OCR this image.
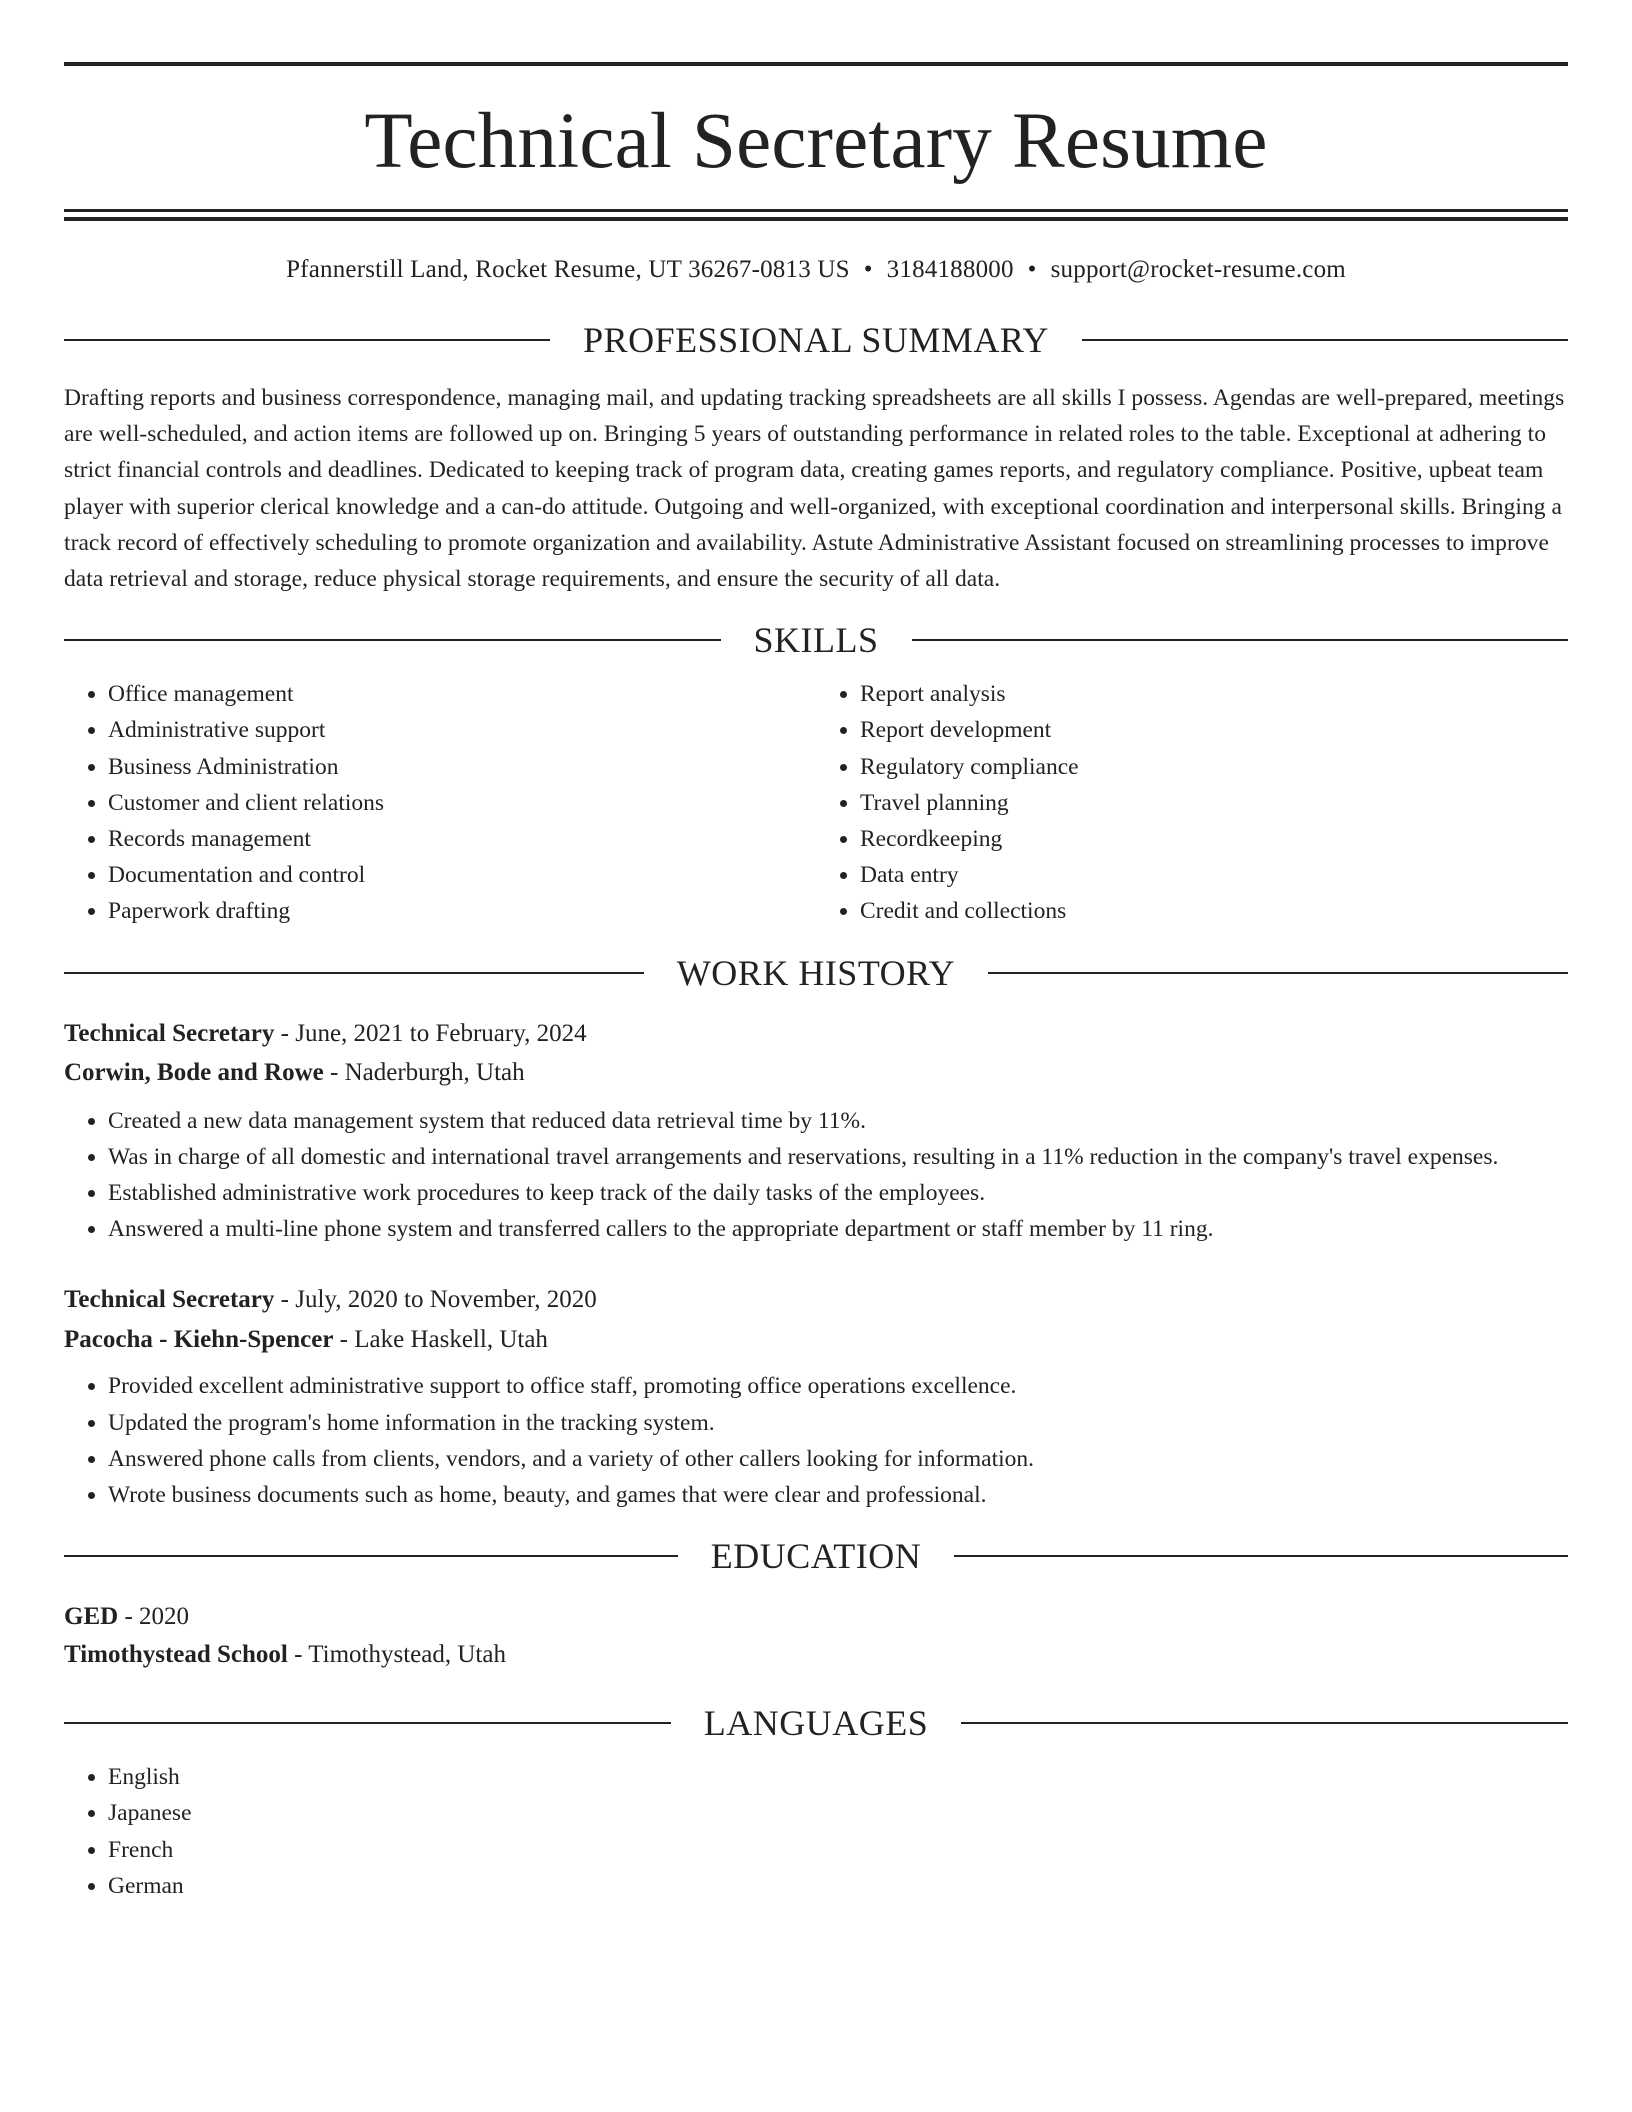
Technical Secretary Resume
Pfannerstill Land, Rocket Resume, UT 36267-0813 US • 3184188000 • support@rocket-resume.com
PROFESSIONAL SUMMARY

Drafting reports and business correspondence, managing mail, and updating tracking spreadsheets are all skills I possess. Agendas are well-prepared, meetings are well-scheduled, and action items are followed up on. Bringing 5 years of outstanding performance in related roles to the table. Exceptional at adhering to strict financial controls and deadlines. Dedicated to keeping track of program data, creating games reports, and regulatory compliance. Positive, upbeat team player with superior clerical knowledge and a can-do attitude. Outgoing and well-organized, with exceptional coordination and interpersonal skills. Bringing a track record of effectively scheduling to promote organization and availability. Astute Administrative Assistant focused on streamlining processes to improve data retrieval and storage, reduce physical storage requirements, and ensure the security of all data.

SKILLS
• Office management
• Administrative support
• Business Administration
• Customer and client relations
• Records management
• Documentation and control
• Paperwork drafting
• Report analysis
• Report development
• Regulatory compliance
• Travel planning
• Recordkeeping
• Data entry
• Credit and collections
WORK HISTORY

Technical Secretary - June, 2021 to February, 2024

Corwin, Bode and Rowe - Naderburgh, Utah

• Created a new data management system that reduced data retrieval time by 11%.
• Was in charge of all domestic and international travel arrangements and reservations, resulting in a 11% reduction in the company's travel expenses.
• Established administrative work procedures to keep track of the daily tasks of the employees.
• Answered a multi-line phone system and transferred callers to the appropriate department or staff member by 11 ring.

Technical Secretary - July, 2020 to November, 2020

Pacocha - Kiehn-Spencer - Lake Haskell, Utah

• Provided excellent administrative support to office staff, promoting office operations excellence.
• Updated the program's home information in the tracking system.
• Answered phone calls from clients, vendors, and a variety of other callers looking for information.
• Wrote business documents such as home, beauty, and games that were clear and professional.
EDUCATION

GED - 2020

Timothystead School - Timothystead, Utah

LANGUAGES
• English
• Japanese
• French
• German
